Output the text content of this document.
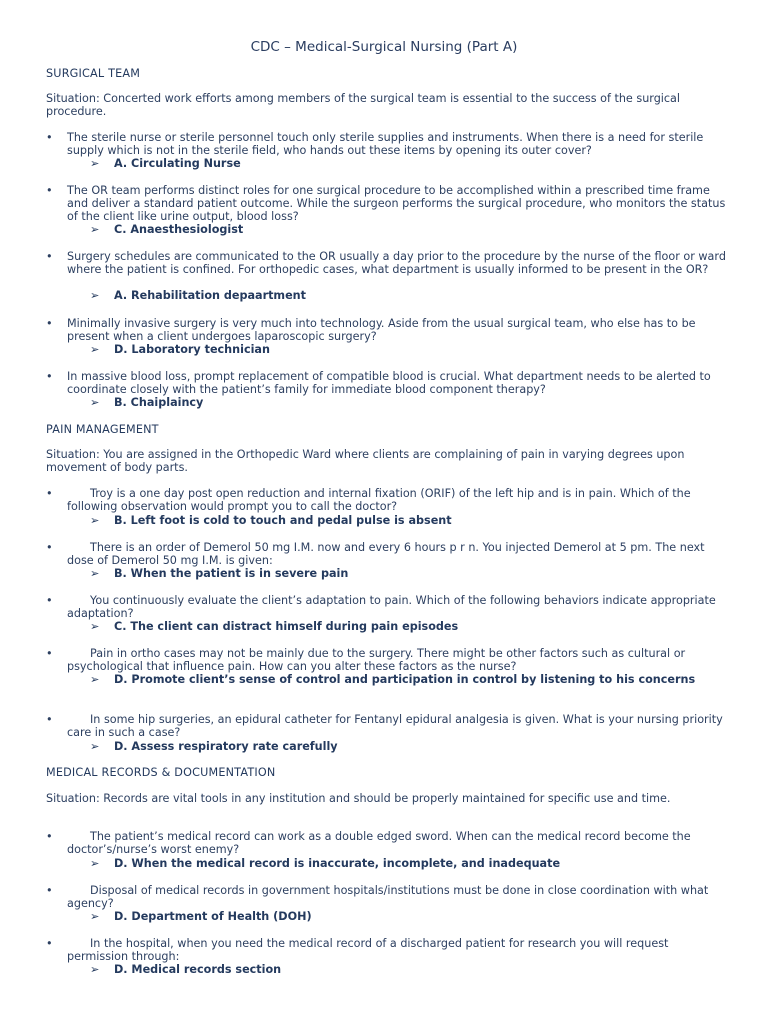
CDC – Medical-Surgical Nursing (Part A)
SURGICAL TEAM
Situation: Concerted work efforts among members of the surgical team is essential to the success of the surgical procedure.
•	The sterile nurse or sterile personnel touch only sterile supplies and instruments. When there is a need for sterile supply which is not in the sterile field, who hands out these items by opening its outer cover?
➢	A. Circulating Nurse
•	The OR team performs distinct roles for one surgical procedure to be accomplished within a prescribed time frame and deliver a standard patient outcome. While the surgeon performs the surgical procedure, who monitors the status of the client like urine output, blood loss?
➢	C. Anaesthesiologist
•	Surgery schedules are communicated to the OR usually a day prior to the procedure by the nurse of the floor or ward where the patient is confined. For orthopedic cases, what department is usually informed to be present in the OR?
➢	A. Rehabilitation depaartment
•	Minimally invasive surgery is very much into technology. Aside from the usual surgical team, who else has to be present when a client undergoes laparoscopic surgery?
➢	D. Laboratory technician
•	In massive blood loss, prompt replacement of compatible blood is crucial. What department needs to be alerted to coordinate closely with the patient’s family for immediate blood component therapy?
➢	B. Chaiplaincy
PAIN MANAGEMENT
Situation: You are assigned in the Orthopedic Ward where clients are complaining of pain in varying degrees upon movement of body parts.
•	Troy is a one day post open reduction and internal fixation (ORIF) of the left hip and is in pain. Which of the following observation would prompt you to call the doctor?
➢	B. Left foot is cold to touch and pedal pulse is absent
•	There is an order of Demerol 50 mg I.M. now and every 6 hours p r n. You injected Demerol at 5 pm. The next dose of Demerol 50 mg I.M. is given:
➢	B. When the patient is in severe pain
•	You continuously evaluate the client’s adaptation to pain. Which of the following behaviors indicate appropriate adaptation?
➢	C. The client can distract himself during pain episodes
•	Pain in ortho cases may not be mainly due to the surgery. There might be other factors such as cultural or psychological that influence pain. How can you alter these factors as the nurse?
➢	D. Promote client’s sense of control and participation in control by listening to his concerns
•	In some hip surgeries, an epidural catheter for Fentanyl epidural analgesia is given. What is your nursing priority care in such a case?
➢	D. Assess respiratory rate carefully
MEDICAL RECORDS & DOCUMENTATION
Situation: Records are vital tools in any institution and should be properly maintained for specific use and time.
•	The patient’s medical record can work as a double edged sword. When can the medical record become the doctor’s/nurse’s worst enemy?
➢	D. When the medical record is inaccurate, incomplete, and inadequate
•	Disposal of medical records in government hospitals/institutions must be done in close coordination with what agency?
➢	D. Department of Health (DOH)
•	In the hospital, when you need the medical record of a discharged patient for research you will request permission through:
➢	D. Medical records section
